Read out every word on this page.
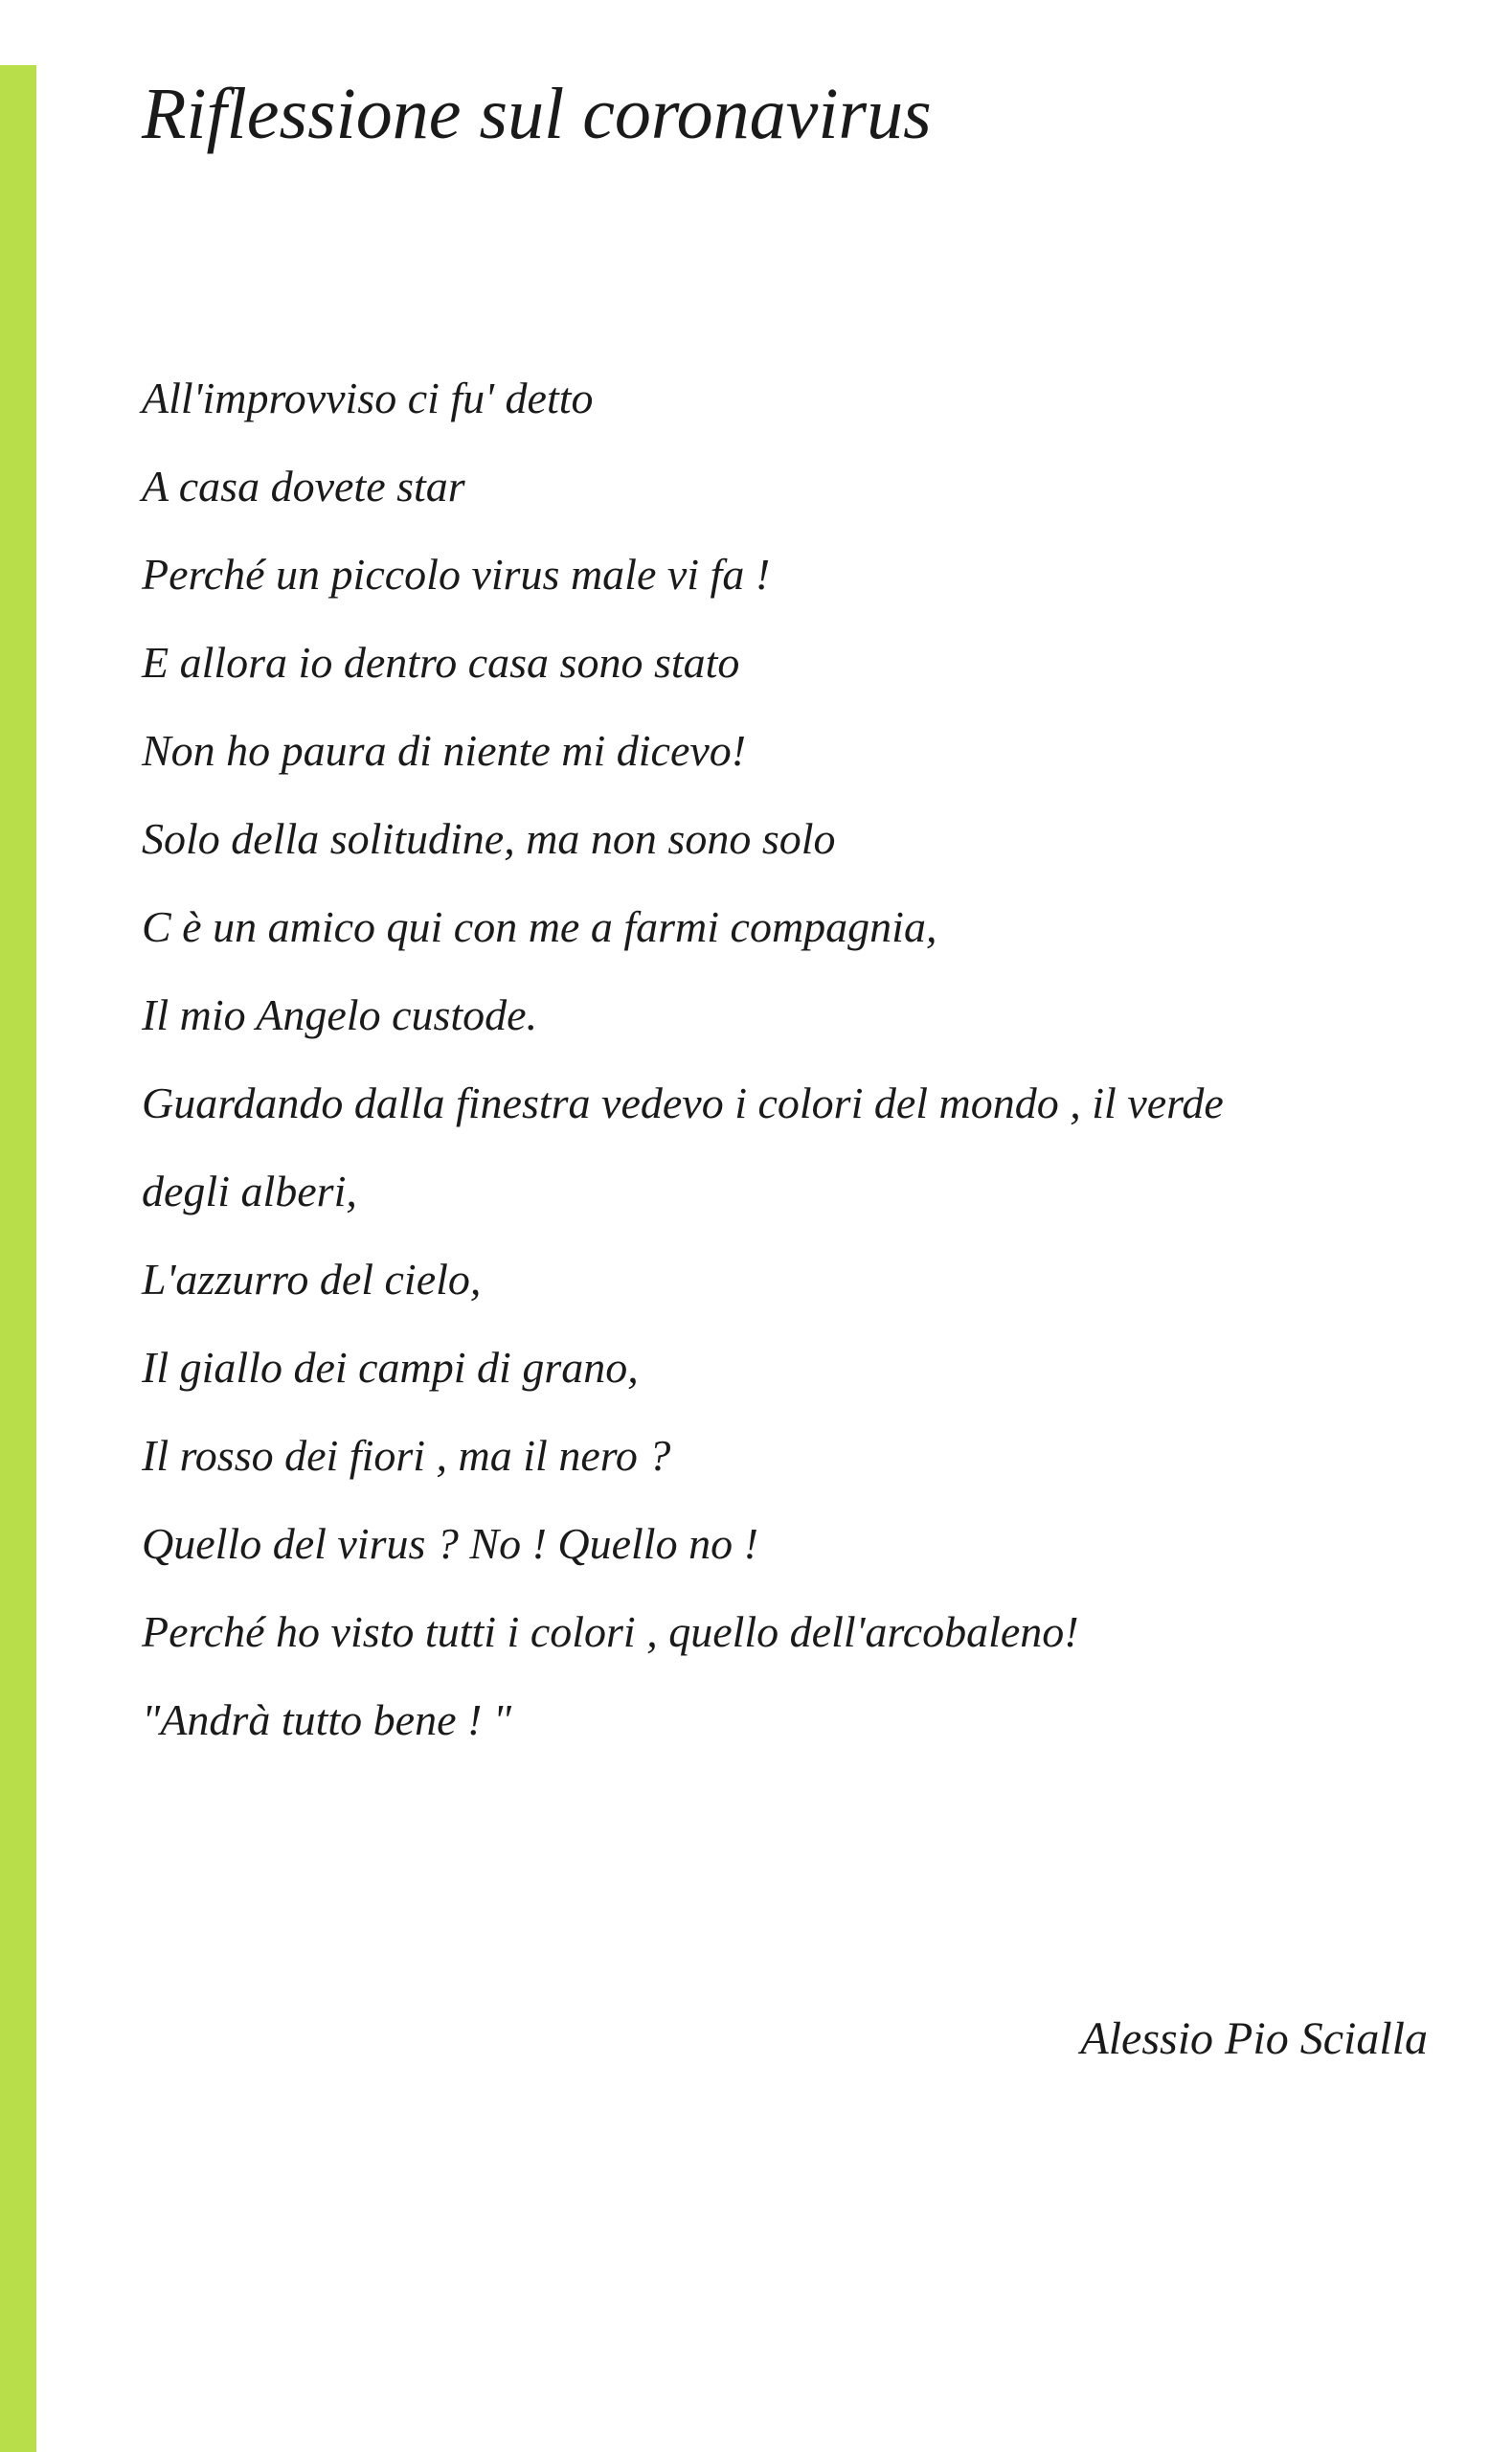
Riflessione sul coronavirus
All'improvviso ci fu' detto
A casa dovete star
Perché un piccolo virus male vi fa !
E allora io dentro casa sono stato
Non ho paura di niente mi dicevo!
Solo della solitudine, ma non sono solo
C è un amico qui con me a farmi compagnia,
Il mio Angelo custode.
Guardando dalla finestra vedevo i colori del mondo , il verde
degli alberi,
L'azzurro del cielo,
Il giallo dei campi di grano,
Il rosso dei fiori , ma il nero ?
Quello del virus ? No ! Quello no !
Perché ho visto tutti i colori , quello dell'arcobaleno!
"Andrà tutto bene ! "
Alessio Pio Scialla
